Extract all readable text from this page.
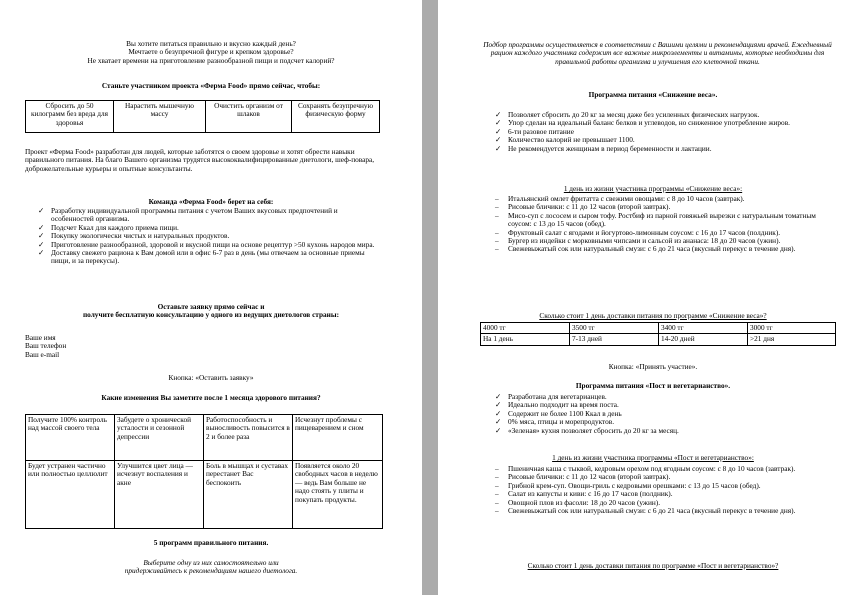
Вы хотите питаться правильно и вкусно каждый день?
Мечтаете о безупречной фигуре и крепком здоровье?
Не хватает времени на приготовление разнообразной пищи и подсчет калорий?
Станьте участником проекта «Ферма Food» прямо сейчас, чтобы:
Сбросить до 50 килограмм без вреда для здоровья	Нарастить мышечную массу	Очистить организм от шлаков	Сохранять безупречную физическую форму
Проект «Ферма Food» разработан для людей, которые заботятся о своем здоровье и хотят обрести навыки правильного питания. На благо Вашего организма трудятся высококвалифицированные диетологи, шеф-повара, доброжелательные курьеры и опытные консультанты.
Команда «Ферма Food» берет на себя:
✓ Разработку индивидуальной программы питания с учетом Ваших вкусовых предпочтений и особенностей организма.
✓ Подсчет Ккал для каждого приема пищи.
✓ Покупку экологически чистых и натуральных продуктов.
✓ Приготовление разнообразной, здоровой и вкусной пищи на основе рецептур >50 кухонь народов мира.
✓ Доставку свежего рациона к Вам домой или в офис 6-7 раз в день (мы отвечаем за основные приемы пищи, и за перекусы).
Оставьте заявку прямо сейчас и
получите бесплатную консультацию у одного из ведущих диетологов страны:
Ваше имя
Ваш телефон
Ваш e-mail
Кнопка: «Оставить заявку»
Какие изменения Вы заметите после 1 месяца здорового питания?
Получите 100% контроль над массой своего тела	Забудете о хронической усталости и сезонной депрессии	Работоспособность и выносливость повысится в 2 и более раза	Исчезнут проблемы с пищеварением и сном
Будет устранен частично или полностью целлюлит	Улучшится цвет лица — исчезнут воспаления и акне	Боль в мышцах и суставах перестанет Вас беспокоить	Появляется около 20 свободных часов в неделю — ведь Вам больше не надо стоять у плиты и покупать продукты.
5 программ правильного питания.
Выберите одну из них самостоятельно или
придерживайтесь к рекомендациям нашего диетолога.
Подбор программы осуществляется в соответствии с Вашими целями и рекомендациями врачей. Ежедневный рацион каждого участника содержит все важные микроэлементы и витамины, которые необходимы для правильной работы организма и улучшения его клеточной ткани.
Программа питания «Снижение веса».
✓ Позволяет сбросить до 20 кг за месяц даже без усиленных физических нагрузок.
✓ Упор сделан на идеальный баланс белков и углеводов, но сниженное употребление жиров.
✓ 6-ти разовое питание
✓ Количество калорий не превышает 1100.
✓ Не рекомендуется женщинам в период беременности и лактации.
1 день из жизни участника программы «Снижение веса»:
– Итальянский омлет фритатта с свежими овощами: с 8 до 10 часов (завтрак).
– Рисовые бличики: с 11 до 12 часов (второй завтрак).
– Мисо-суп с лососем и сыром тофу. Ростбиф из парной говяжьей вырезки с натуральным томатным соусом: с 13 до 15 часов (обед).
– Фруктовый салат с ягодами и йогуртово-лимонным соусом: с 16 до 17 часов (полдник).
– Бургер из индейки с морковными чипсами и сальсой из ананаса: 18 до 20 часов (ужин).
– Свежевыжатый сок или натуральный смузи: с 6 до 21 часа (вкусный перекус в течение дня).
Сколько стоит 1 день доставки питания по программе «Снижение веса»?
4000 тг	3500 тг	3400 тг	3000 тг
На 1 день	7-13 дней	14-20 дней	>21 дня
Кнопка: «Принять участие».
Программа питания «Пост и вегетарианство».
✓ Разработана для вегетарианцев.
✓ Идеально подходит на время поста.
✓ Содержит не более 1100 Ккал в день
✓ 0% мяса, птицы и морепродуктов.
✓ «Зеленая» кухня позволяет сбросить до 20 кг за месяц.
1 день из жизни участника программы «Пост и вегетарианство»:
– Пшеничная каша с тыквой, кедровым орехом под ягодным соусом: с 8 до 10 часов (завтрак).
– Рисовые бличики: с 11 до 12 часов (второй завтрак).
– Грибной крем-суп. Овощи-гриль с кедровыми орешками: с 13 до 15 часов (обед).
– Салат из капусты и киви: с 16 до 17 часов (полдник).
– Овощной плов из фасоли: 18 до 20 часов (ужин).
– Свежевыжатый сок или натуральный смузи: с 6 до 21 часа (вкусный перекус в течение дня).
Сколько стоит 1 день доставки питания по программе «Пост и вегетарианство»?
